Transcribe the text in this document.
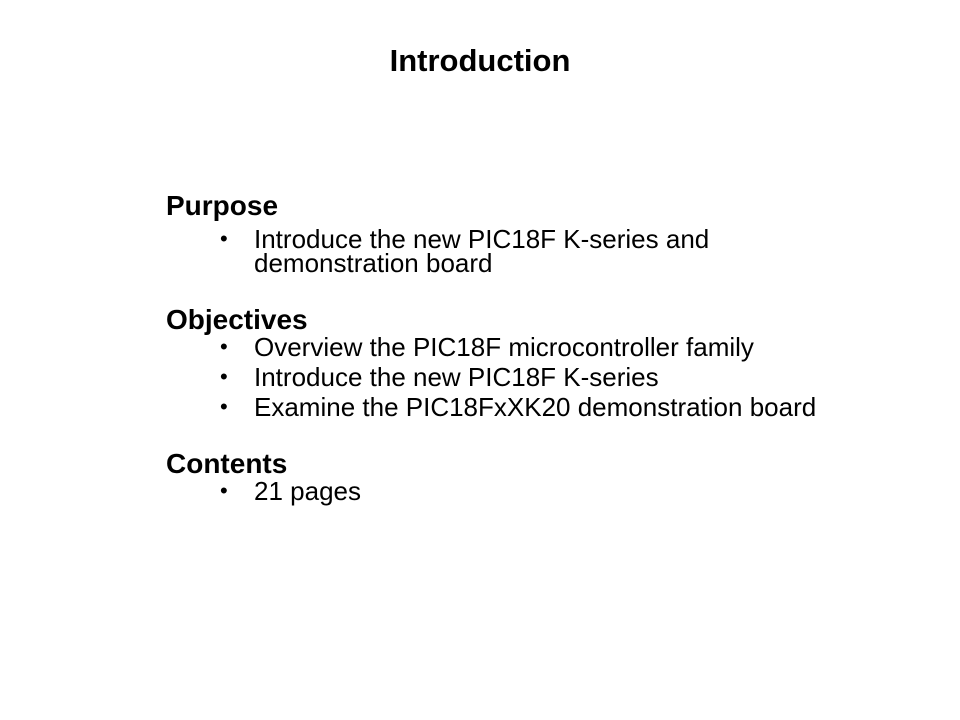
Introduction
Purpose
•	Introduce the new PIC18F K-series and demonstration board
Objectives
•	Overview the PIC18F microcontroller family
•	Introduce the new PIC18F K-series
•	Examine the PIC18FxXK20 demonstration board
Contents
•	21 pages
